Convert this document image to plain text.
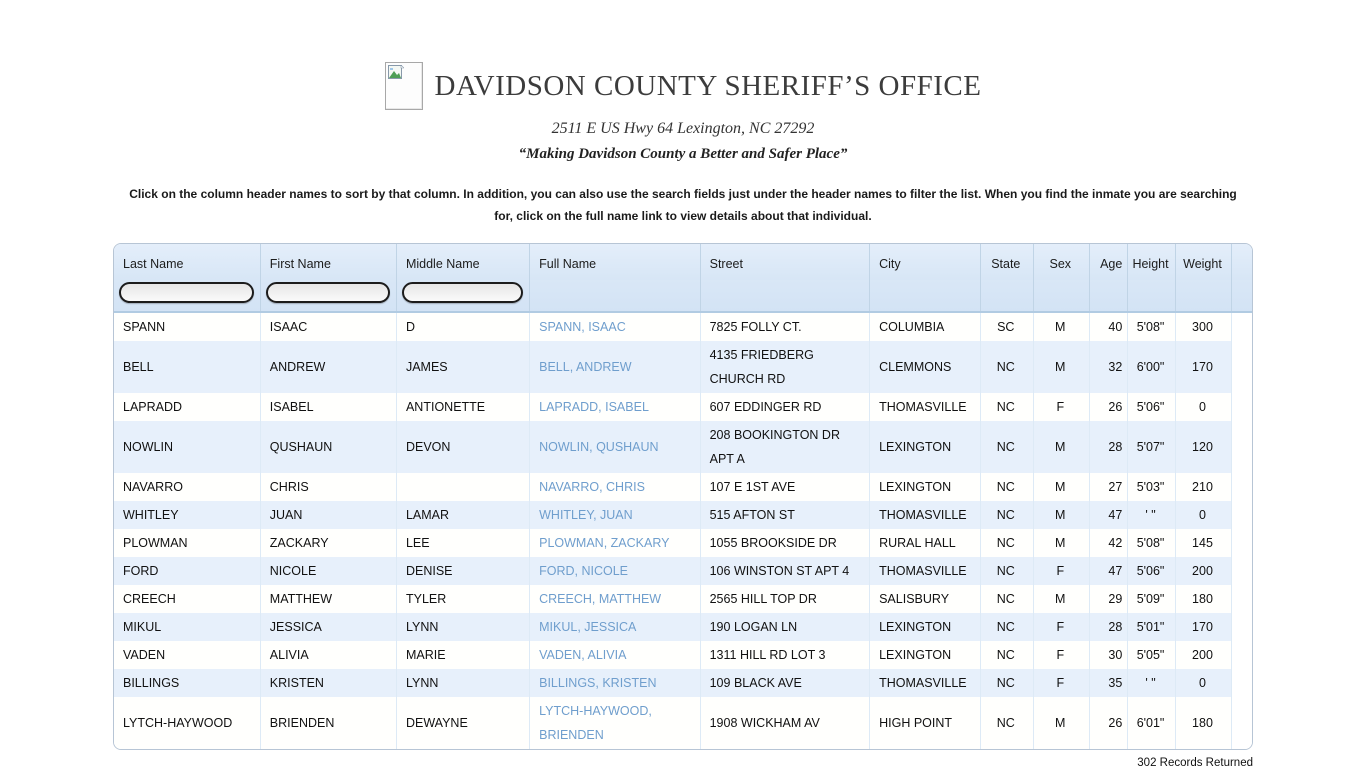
DAVIDSON COUNTY SHERIFF’S OFFICE
2511 E US Hwy 64 Lexington, NC 27292
“Making Davidson County a Better and Safer Place”
Click on the column header names to sort by that column. In addition, you can also use the search fields just under the header names to filter the list. When you find the inmate you are searching for, click on the full name link to view details about that individual.
Last Name	First Name	Middle Name	Full Name	Street	City	State	Sex	Age	Height	Weight	

SPANN	ISAAC	D	SPANN, ISAAC	7825 FOLLY CT.	COLUMBIA	SC	M	40	5'08"	300	
BELL	ANDREW	JAMES	BELL, ANDREW	4135 FRIEDBERG CHURCH RD	CLEMMONS	NC	M	32	6'00"	170	
LAPRADD	ISABEL	ANTIONETTE	LAPRADD, ISABEL	607 EDDINGER RD	THOMASVILLE	NC	F	26	5'06"	0	
NOWLIN	QUSHAUN	DEVON	NOWLIN, QUSHAUN	208 BOOKINGTON DR APT A	LEXINGTON	NC	M	28	5'07"	120	
NAVARRO	CHRIS		NAVARRO, CHRIS	107 E 1ST AVE	LEXINGTON	NC	M	27	5'03"	210	
WHITLEY	JUAN	LAMAR	WHITLEY, JUAN	515 AFTON ST	THOMASVILLE	NC	M	47	' "	0	
PLOWMAN	ZACKARY	LEE	PLOWMAN, ZACKARY	1055 BROOKSIDE DR	RURAL HALL	NC	M	42	5'08"	145	
FORD	NICOLE	DENISE	FORD, NICOLE	106 WINSTON ST APT 4	THOMASVILLE	NC	F	47	5'06"	200	
CREECH	MATTHEW	TYLER	CREECH, MATTHEW	2565 HILL TOP DR	SALISBURY	NC	M	29	5'09"	180	
MIKUL	JESSICA	LYNN	MIKUL, JESSICA	190 LOGAN LN	LEXINGTON	NC	F	28	5'01"	170	
VADEN	ALIVIA	MARIE	VADEN, ALIVIA	1311 HILL RD LOT 3	LEXINGTON	NC	F	30	5'05"	200	
BILLINGS	KRISTEN	LYNN	BILLINGS, KRISTEN	109 BLACK AVE	THOMASVILLE	NC	F	35	' "	0	
LYTCH-HAYWOOD	BRIENDEN	DEWAYNE	LYTCH-HAYWOOD, BRIENDEN	1908 WICKHAM AV	HIGH POINT	NC	M	26	6'01"	180	
302 Records Returned
